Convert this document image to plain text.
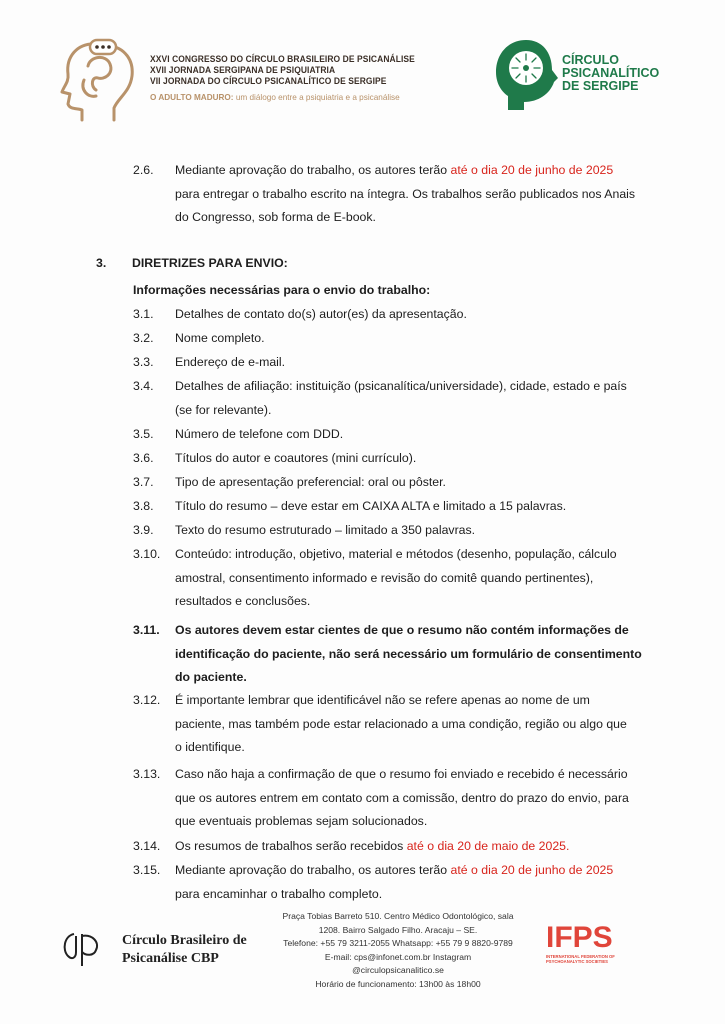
XXVI CONGRESSO DO CÍRCULO BRASILEIRO DE PSICANÁLISE
XVII JORNADA SERGIPANA DE PSIQUIATRIA
VII JORNADA DO CÍRCULO PSICANALÍTICO DE SERGIPE
O ADULTO MADURO: um diálogo entre a psiquiatria e a psicanálise
CÍRCULO
PSICANALÍTICO
DE SERGIPE
2.6. Mediante aprovação do trabalho, os autores terão até o dia 20 de junho de 2025
para entregar o trabalho escrito na íntegra. Os trabalhos serão publicados nos Anais
do Congresso, sob forma de E-book.
3. DIRETRIZES PARA ENVIO:
Informações necessárias para o envio do trabalho:
3.1. Detalhes de contato do(s) autor(es) da apresentação.
3.2. Nome completo.
3.3. Endereço de e-mail.
3.4. Detalhes de afiliação: instituição (psicanalítica/universidade), cidade, estado e país
(se for relevante).
3.5. Número de telefone com DDD.
3.6. Títulos do autor e coautores (mini currículo).
3.7. Tipo de apresentação preferencial: oral ou pôster.
3.8. Título do resumo – deve estar em CAIXA ALTA e limitado a 15 palavras.
3.9. Texto do resumo estruturado – limitado a 350 palavras.
3.10. Conteúdo: introdução, objetivo, material e métodos (desenho, população, cálculo
amostral, consentimento informado e revisão do comitê quando pertinentes),
resultados e conclusões.
3.11. Os autores devem estar cientes de que o resumo não contém informações de
identificação do paciente, não será necessário um formulário de consentimento
do paciente.
3.12. É importante lembrar que identificável não se refere apenas ao nome de um
paciente, mas também pode estar relacionado a uma condição, região ou algo que
o identifique.
3.13. Caso não haja a confirmação de que o resumo foi enviado e recebido é necessário
que os autores entrem em contato com a comissão, dentro do prazo do envio, para
que eventuais problemas sejam solucionados.
3.14. Os resumos de trabalhos serão recebidos até o dia 20 de maio de 2025.
3.15. Mediante aprovação do trabalho, os autores terão até o dia 20 de junho de 2025
para encaminhar o trabalho completo.
Círculo Brasileiro de
Psicanálise CBP
Praça Tobias Barreto 510. Centro Médico Odontológico, sala
1208. Bairro Salgado Filho. Aracaju – SE.
Telefone: +55 79 3211-2055 Whatsapp: +55 79 9 8820-9789
E-mail: cps@infonet.com.br Instagram
@circulopsicanalitico.se
Horário de funcionamento: 13h00 às 18h00
IFPS
INTERNATIONAL FEDERATION OF
PSYCHOANALYTIC SOCIETIES
